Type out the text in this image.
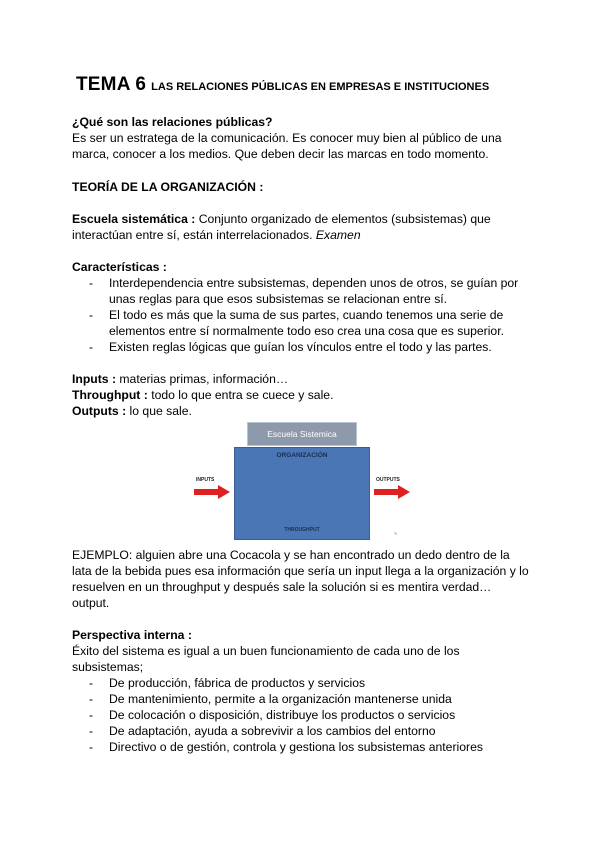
TEMA 6 LAS RELACIONES PÚBLICAS EN EMPRESAS E INSTITUCIONES
¿Qué son las relaciones públicas?
Es ser un estratega de la comunicación. Es conocer muy bien al público de una
marca, conocer a los medios. Que deben decir las marcas en todo momento.
TEORÍA DE LA ORGANIZACIÓN :
Escuela sistemática : Conjunto organizado de elementos (subsistemas) que
interactúan entre sí, están interrelacionados. Examen
Características :
- Interdependencia entre subsistemas, dependen unos de otros, se guían por
unas reglas para que esos subsistemas se relacionan entre sí.
- El todo es más que la suma de sus partes, cuando tenemos una serie de
elementos entre sí normalmente todo eso crea una cosa que es superior.
- Existen reglas lógicas que guían los vínculos entre el todo y las partes.
Inputs : materias primas, información…
Throughput : todo lo que entra se cuece y sale.
Outputs : lo que sale.
Escuela Sistemica
ORGANIZACIÓN
THROUGHPUT
INPUTS	OUTPUTS
✎
EJEMPLO: alguien abre una Cocacola y se han encontrado un dedo dentro de la
lata de la bebida pues esa información que sería un input llega a la organización y lo
resuelven en un throughput y después sale la solución si es mentira verdad…
output.
Perspectiva interna :
Éxito del sistema es igual a un buen funcionamiento de cada uno de los
subsistemas;
- De producción, fábrica de productos y servicios
- De mantenimiento, permite a la organización mantenerse unida
- De colocación o disposición, distribuye los productos o servicios
- De adaptación, ayuda a sobrevivir a los cambios del entorno
- Directivo o de gestión, controla y gestiona los subsistemas anteriores
